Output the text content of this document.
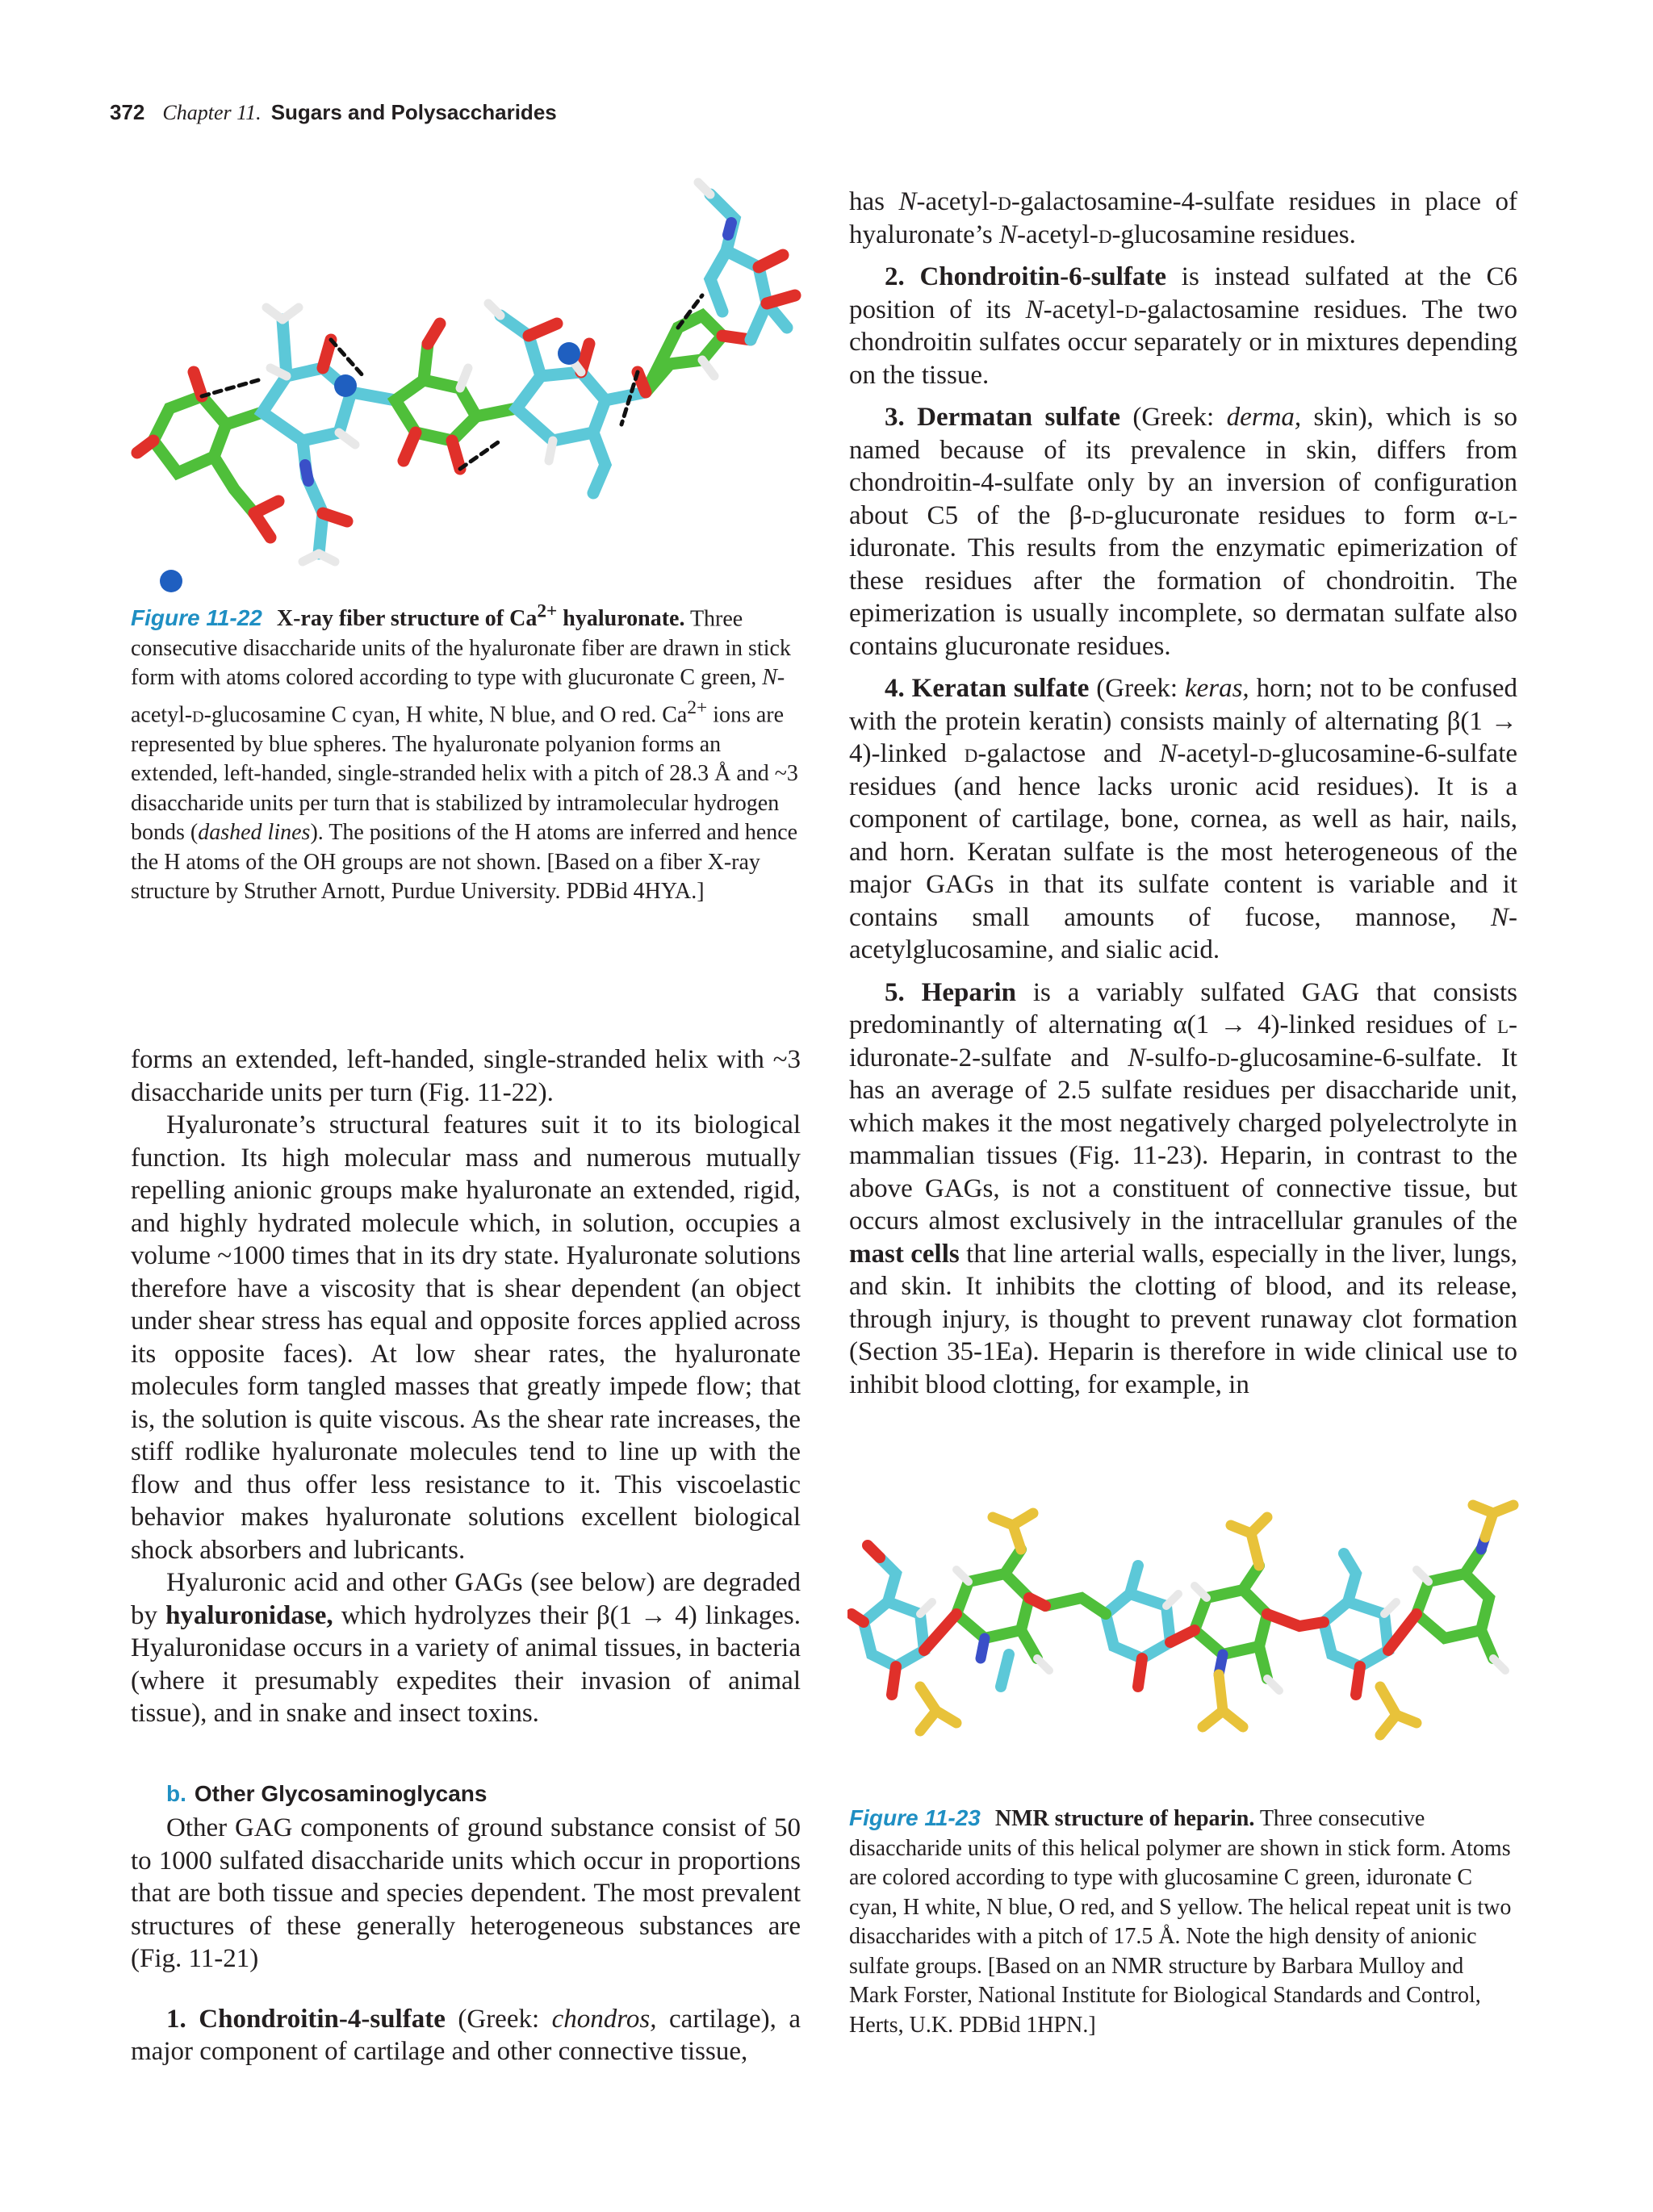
372 Chapter 11. Sugars and Polysaccharides
Figure 11-22 X-ray fiber structure of $Ca^{2+}$ hyaluronate. Three consecutive disaccharide units of the hyaluronate fiber are drawn in stick form with atoms colored according to type with glucuronate C green, N-acetyl-d-glucosamine C cyan, H white, N blue, and O red. $Ca^{2+}$ ions are represented by blue spheres. The hyaluronate polyanion forms an extended, left-handed, single-stranded helix with a pitch of 28.3 Å and ~3 disaccharide units per turn that is stabilized by intramolecular hydrogen bonds (dashed lines). The positions of the H atoms are inferred and hence the H atoms of the OH groups are not shown. [Based on a fiber X-ray structure by Struther Arnott, Purdue University. PDBid 4HYA.]

forms an extended, left-handed, single-stranded helix with ~3 disaccharide units per turn (Fig. 11-22).

Hyaluronate’s structural features suit it to its biological function. Its high molecular mass and numerous mutually repelling anionic groups make hyaluronate an extended, rigid, and highly hydrated molecule which, in solution, occupies a volume ~1000 times that in its dry state. Hyaluronate solutions therefore have a viscosity that is shear dependent (an object under shear stress has equal and opposite forces applied across its opposite faces). At low shear rates, the hyaluronate molecules form tangled masses that greatly impede flow; that is, the solution is quite viscous. As the shear rate increases, the stiff rodlike hyaluronate molecules tend to line up with the flow and thus offer less resistance to it. This viscoelastic behavior makes hyaluronate solutions excellent biological shock absorbers and lubricants.

Hyaluronic acid and other GAGs (see below) are degraded by hyaluronidase, which hydrolyzes their β(1 → 4) linkages. Hyaluronidase occurs in a variety of animal tissues, in bacteria (where it presumably expedites their invasion of animal tissue), and in snake and insect toxins.

b. Other Glycosaminoglycans

Other GAG components of ground substance consist of 50 to 1000 sulfated disaccharide units which occur in proportions that are both tissue and species dependent. The most prevalent structures of these generally heterogeneous substances are (Fig. 11-21)

1. Chondroitin-4-sulfate (Greek: chondros, cartilage), a major component of cartilage and other connective tissue,

has N-acetyl-d-galactosamine-4-sulfate residues in place of hyaluronate’s N-acetyl-d-glucosamine residues.

2. Chondroitin-6-sulfate is instead sulfated at the C6 position of its N-acetyl-d-galactosamine residues. The two chondroitin sulfates occur separately or in mixtures depending on the tissue.

3. Dermatan sulfate (Greek: derma, skin), which is so named because of its prevalence in skin, differs from chondroitin-4-sulfate only by an inversion of configuration about C5 of the β-d-glucuronate residues to form α-l-iduronate. This results from the enzymatic epimerization of these residues after the formation of chondroitin. The epimerization is usually incomplete, so dermatan sulfate also contains glucuronate residues.

4. Keratan sulfate (Greek: keras, horn; not to be confused with the protein keratin) consists mainly of alternating β(1 → 4)-linked d-galactose and N-acetyl-d-glucosamine-6-sulfate residues (and hence lacks uronic acid residues). It is a component of cartilage, bone, cornea, as well as hair, nails, and horn. Keratan sulfate is the most heterogeneous of the major GAGs in that its sulfate content is variable and it contains small amounts of fucose, mannose, N-acetylglucosamine, and sialic acid.

5. Heparin is a variably sulfated GAG that consists predominantly of alternating α(1 → 4)-linked residues of l-iduronate-2-sulfate and N-sulfo-d-glucosamine-6-sulfate. It has an average of 2.5 sulfate residues per disaccharide unit, which makes it the most negatively charged polyelectrolyte in mammalian tissues (Fig. 11-23). Heparin, in contrast to the above GAGs, is not a constituent of connective tissue, but occurs almost exclusively in the intracellular granules of the mast cells that line arterial walls, especially in the liver, lungs, and skin. It inhibits the clotting of blood, and its release, through injury, is thought to prevent runaway clot formation (Section 35-1Ea). Heparin is therefore in wide clinical use to inhibit blood clotting, for example, in

Figure 11-23 NMR structure of heparin. Three consecutive disaccharide units of this helical polymer are shown in stick form. Atoms are colored according to type with glucosamine C green, iduronate C cyan, H white, N blue, O red, and S yellow. The helical repeat unit is two disaccharides with a pitch of 17.5 Å. Note the high density of anionic sulfate groups. [Based on an NMR structure by Barbara Mulloy and Mark Forster, National Institute for Biological Standards and Control, Herts, U.K. PDBid 1HPN.]
